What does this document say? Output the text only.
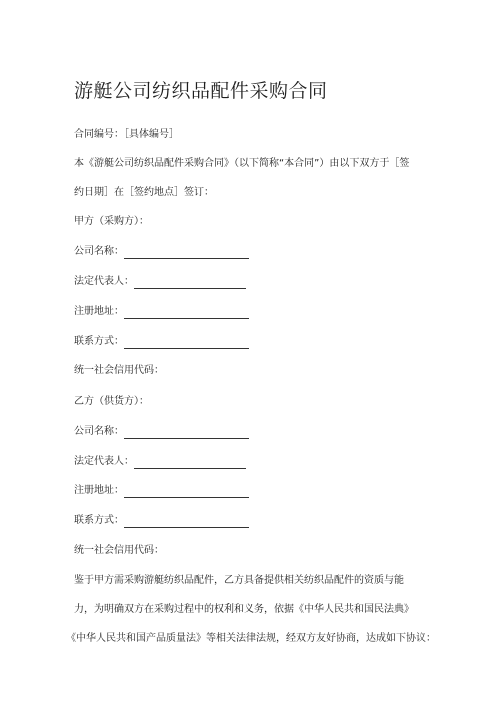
游艇公司纺织品配件采购合同
合同编号：［具体编号］
本《游艇公司纺织品配件采购合同》（以下简称“本合同”）由以下双方于［签
约日期］在［签约地点］签订：
甲方（采购方）：
公司名称：
法定代表人：
注册地址：
联系方式：
统一社会信用代码：
乙方（供货方）：
公司名称：
法定代表人：
注册地址：
联系方式：
统一社会信用代码：
鉴于甲方需采购游艇纺织品配件，乙方具备提供相关纺织品配件的资质与能
力，为明确双方在采购过程中的权利和义务，依据《中华人民共和国民法典》
《中华人民共和国产品质量法》等相关法律法规，经双方友好协商，达成如下协议：
